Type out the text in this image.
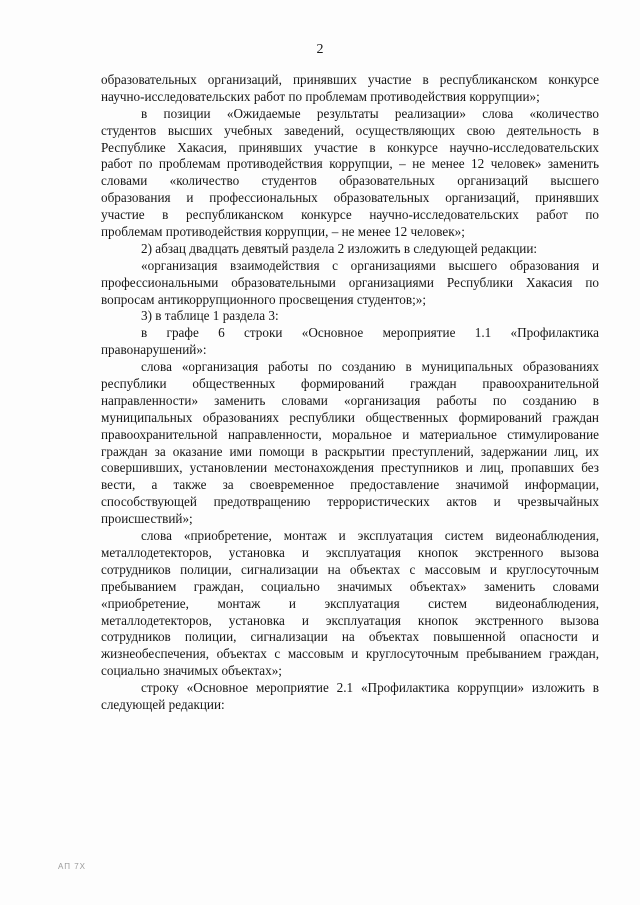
2
образовательных организаций, принявших участие в республиканском конкурсе
научно-исследовательских работ по проблемам противодействия коррупции»;
в позиции «Ожидаемые результаты реализации» слова «количество
студентов высших учебных заведений, осуществляющих свою деятельность в
Республике Хакасия, принявших участие в конкурсе научно-исследовательских
работ по проблемам противодействия коррупции, – не менее 12 человек» заменить
словами «количество студентов образовательных организаций высшего
образования и профессиональных образовательных организаций, принявших
участие в республиканском конкурсе научно-исследовательских работ по
проблемам противодействия коррупции, – не менее 12 человек»;
2) абзац двадцать девятый раздела 2 изложить в следующей редакции:
«организация взаимодействия с организациями высшего образования и
профессиональными образовательными организациями Республики Хакасия по
вопросам антикоррупционного просвещения студентов;»;
3) в таблице 1 раздела 3:
в графе 6 строки «Основное мероприятие 1.1 «Профилактика
правонарушений»:
слова «организация работы по созданию в муниципальных образованиях
республики общественных формирований граждан правоохранительной
направленности» заменить словами «организация работы по созданию в
муниципальных образованиях республики общественных формирований граждан
правоохранительной направленности, моральное и материальное стимулирование
граждан за оказание ими помощи в раскрытии преступлений, задержании лиц, их
совершивших, установлении местонахождения преступников и лиц, пропавших без
вести, а также за своевременное предоставление значимой информации,
способствующей предотвращению террористических актов и чрезвычайных
происшествий»;
слова «приобретение, монтаж и эксплуатация систем видеонаблюдения,
металлодетекторов, установка и эксплуатация кнопок экстренного вызова
сотрудников полиции, сигнализации на объектах с массовым и круглосуточным
пребыванием граждан, социально значимых объектах» заменить словами
«приобретение, монтаж и эксплуатация систем видеонаблюдения,
металлодетекторов, установка и эксплуатация кнопок экстренного вызова
сотрудников полиции, сигнализации на объектах повышенной опасности и
жизнеобеспечения, объектах с массовым и круглосуточным пребыванием граждан,
социально значимых объектах»;
строку «Основное мероприятие 2.1 «Профилактика коррупции» изложить в
следующей редакции:
АП 7Х
